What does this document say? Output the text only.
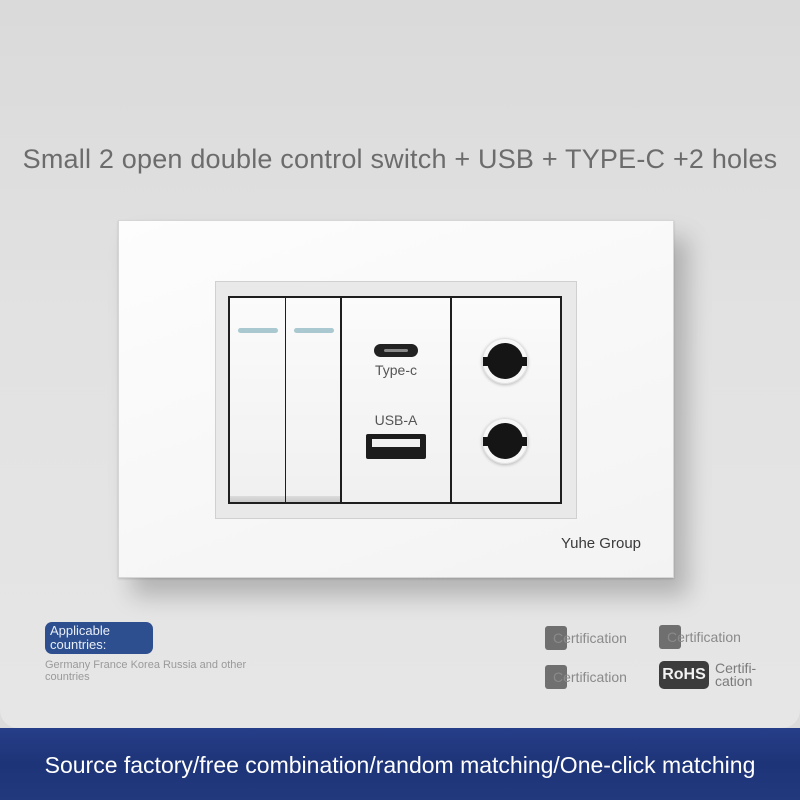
Small 2 open double control switch + USB + TYPE-C +2 holes
Type-c
USB-A
Yuhe Group
Applicable countries:
Germany France Korea Russia and other countries
Certification	Certification
Certification RoHS Certifi-cation
Source factory/free combination/random matching/One-click matching
